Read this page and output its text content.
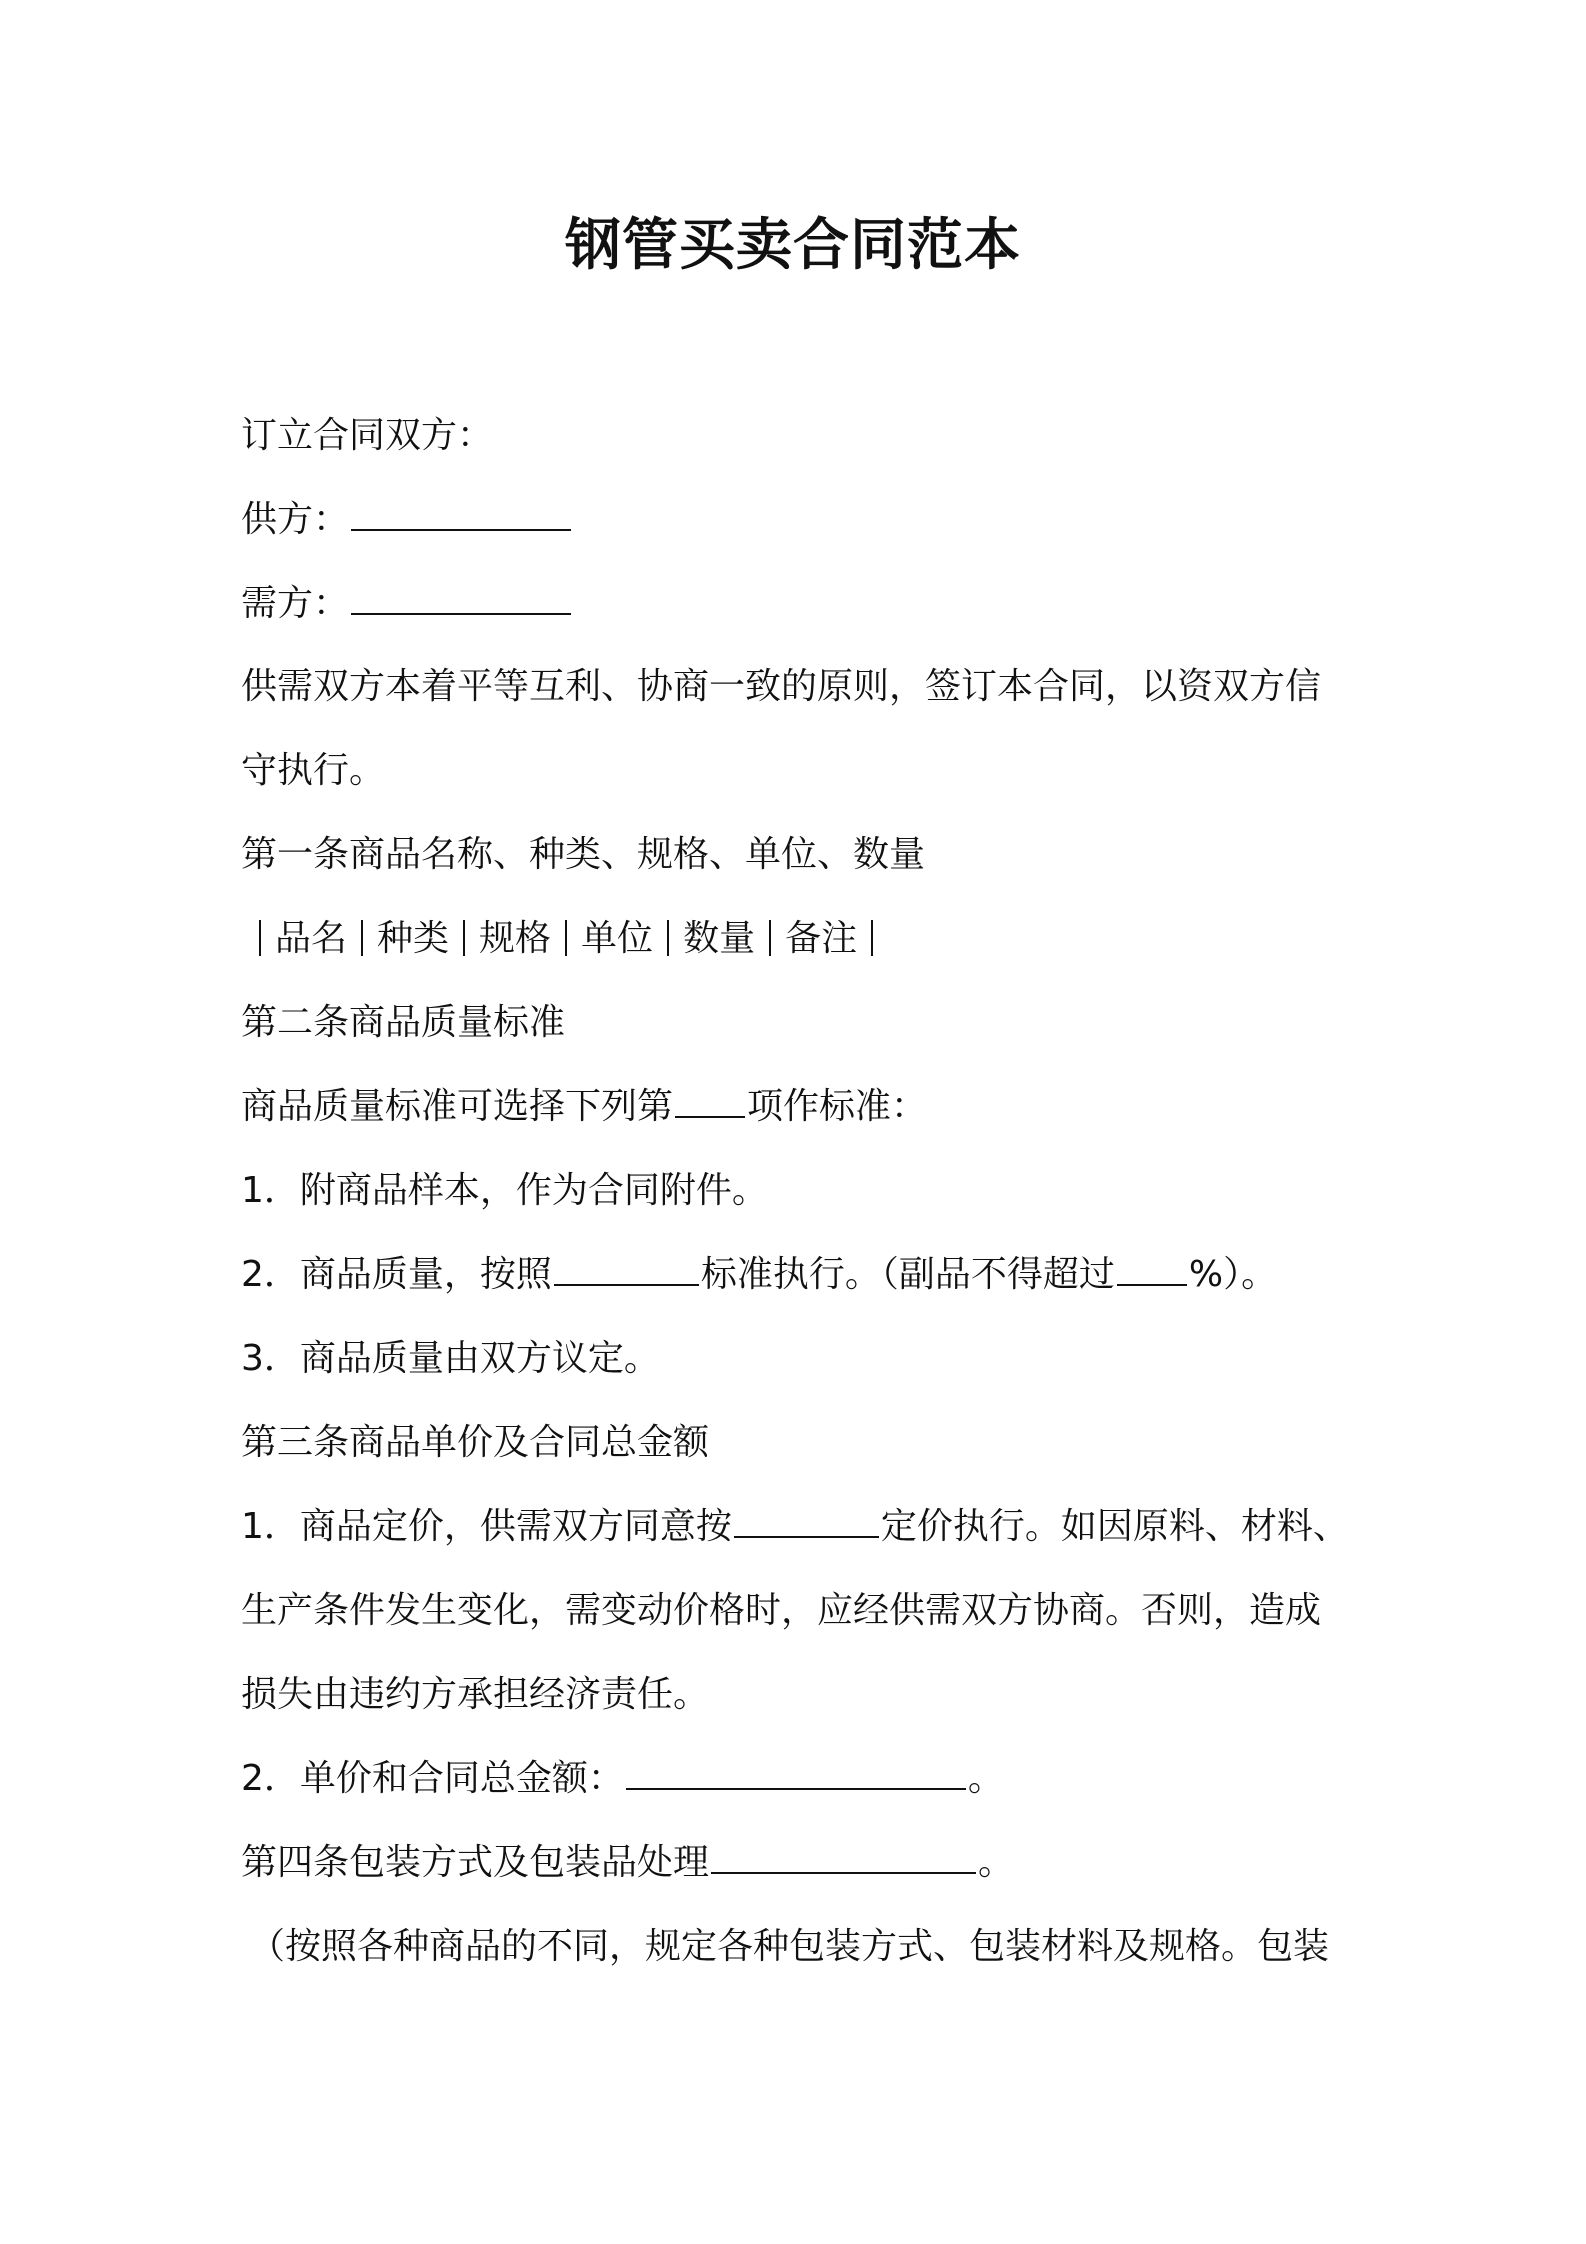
钢管买卖合同范本
订立合同双方：
供方：
需方：
供需双方本着平等互利、协商一致的原则，签订本合同，以资双方信
守执行。
第一条商品名称、种类、规格、单位、数量
品名 种类 规格 单位 数量 备注
第二条商品质量标准
商品质量标准可选择下列第 项作标准：
1．附商品样本，作为合同附件。
2．商品质量，按照	标准执行。（副品不得超过 %）。
3．商品质量由双方议定。
第三条商品单价及合同总金额
1．商品定价，供需双方同意按	定价执行。如因原料、材料、
生产条件发生变化，需变动价格时，应经供需双方协商。否则，造成
损失由违约方承担经济责任。
2．单价和合同总金额：	。
第四条包装方式及包装品处理	。
（按照各种商品的不同，规定各种包装方式、包装材料及规格。包装
